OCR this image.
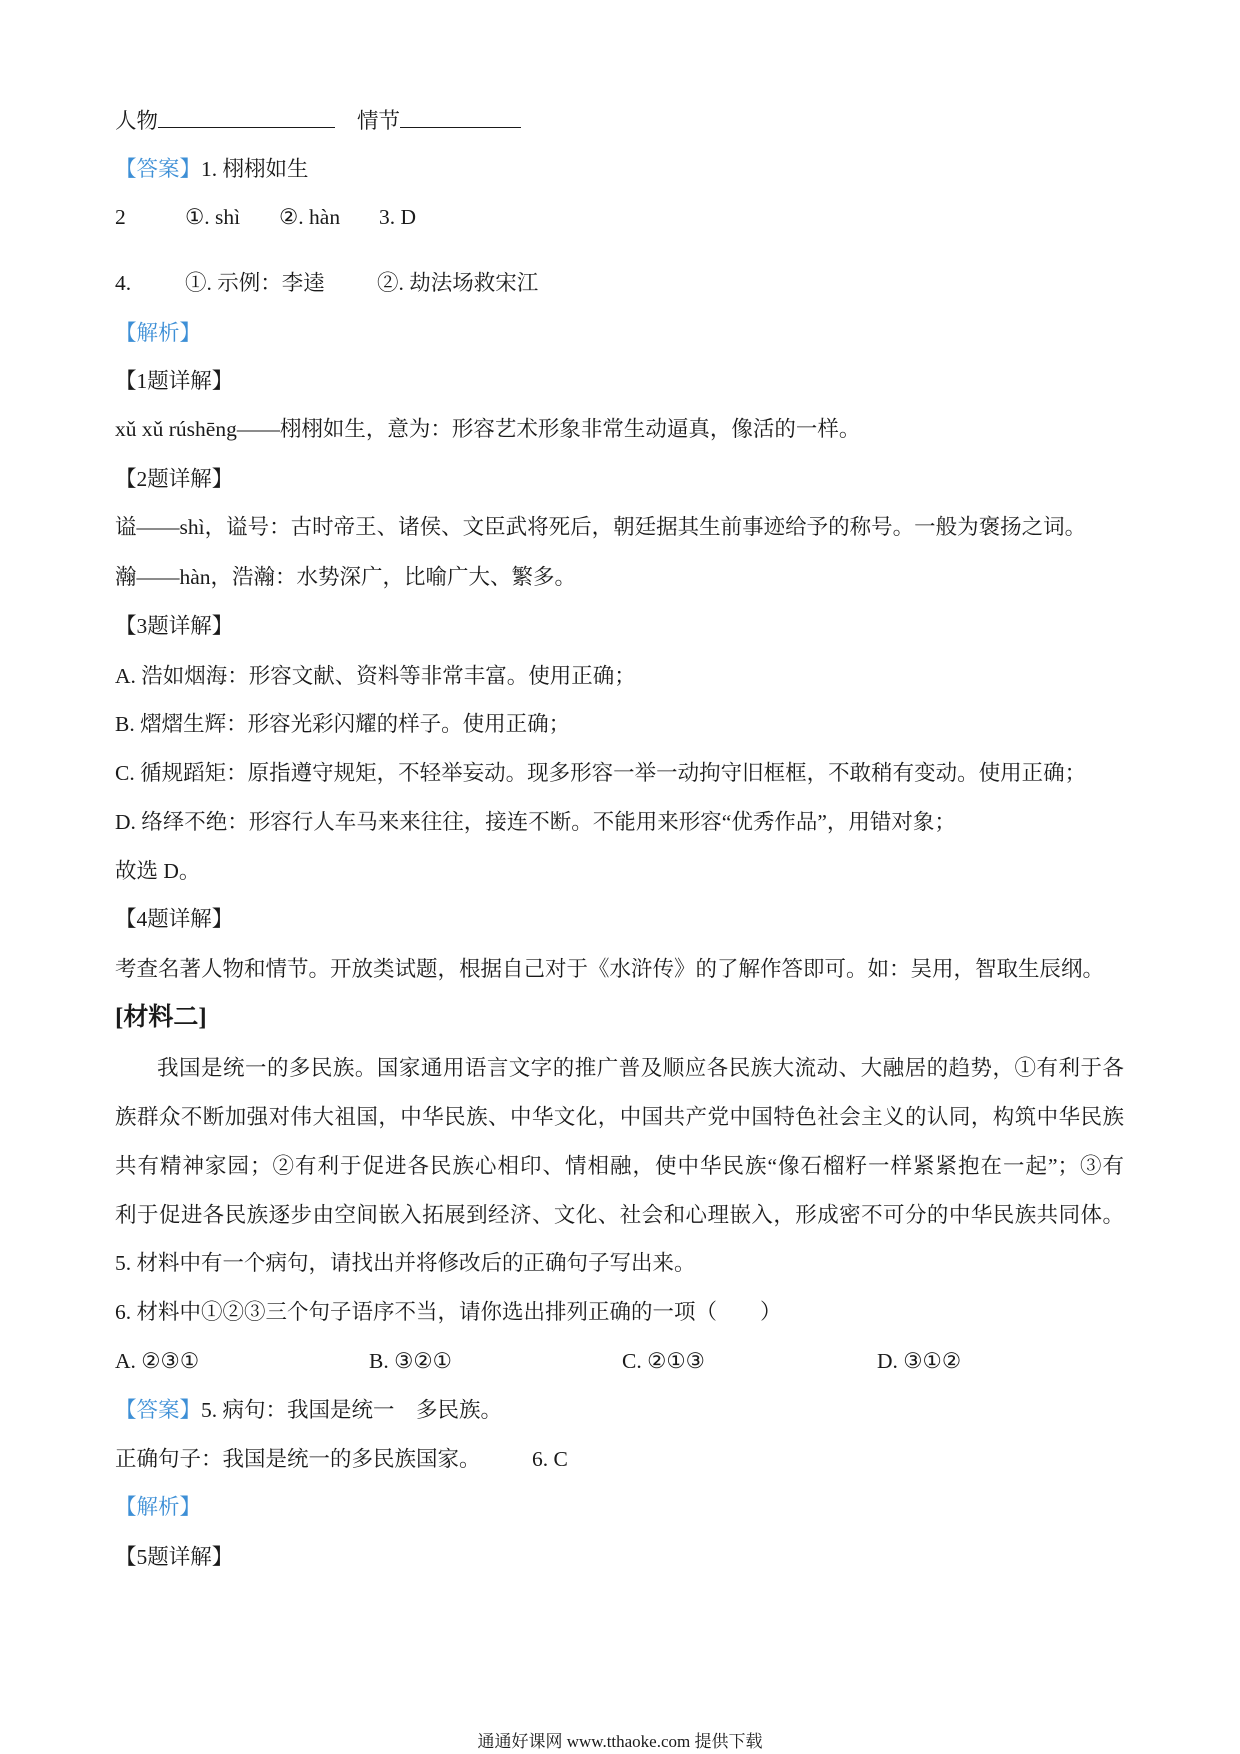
人物	情节
【答案】1. 栩栩如生
2	①. shì ②. hàn 3. D
4.	①. 示例：李逵 ②. 劫法场救宋江
【解析】
【1题详解】
xǔ xǔ rúshēng——栩栩如生，意为：形容艺术形象非常生动逼真，像活的一样。
【2题详解】
谥——shì，谥号：古时帝王、诸侯、文臣武将死后，朝廷据其生前事迹给予的称号。一般为褒扬之词。
瀚——hàn，浩瀚：水势深广，比喻广大、繁多。
【3题详解】
A. 浩如烟海：形容文献、资料等非常丰富。使用正确；
B. 熠熠生辉：形容光彩闪耀的样子。使用正确；
C. 循规蹈矩：原指遵守规矩，不轻举妄动。现多形容一举一动拘守旧框框，不敢稍有变动。使用正确；
D. 络绎不绝：形容行人车马来来往往，接连不断。不能用来形容“优秀作品”，用错对象；
故选 D。
【4题详解】
考查名著人物和情节。开放类试题，根据自己对于《水浒传》的了解作答即可。如：吴用，智取生辰纲。
[材料二]
我国是统一的多民族。国家通用语言文字的推广普及顺应各民族大流动、大融居的趋势，①有利于各
族群众不断加强对伟大祖国，中华民族、中华文化，中国共产党中国特色社会主义的认同，构筑中华民族
共有精神家园；②有利于促进各民族心相印、情相融，使中华民族“像石榴籽一样紧紧抱在一起”；③有
利于促进各民族逐步由空间嵌入拓展到经济、文化、社会和心理嵌入，形成密不可分的中华民族共同体。
5. 材料中有一个病句，请找出并将修改后的正确句子写出来。
6. 材料中①②③三个句子语序不当，请你选出排列正确的一项（　　）
A. ②③①	B. ③②①	C. ②①③	D. ③①②
【答案】5. 病句：我国是统一　多民族。
正确句子：我国是统一的多民族国家。 6. C
【解析】
【5题详解】
通通好课网 www.tthaoke.com 提供下载
